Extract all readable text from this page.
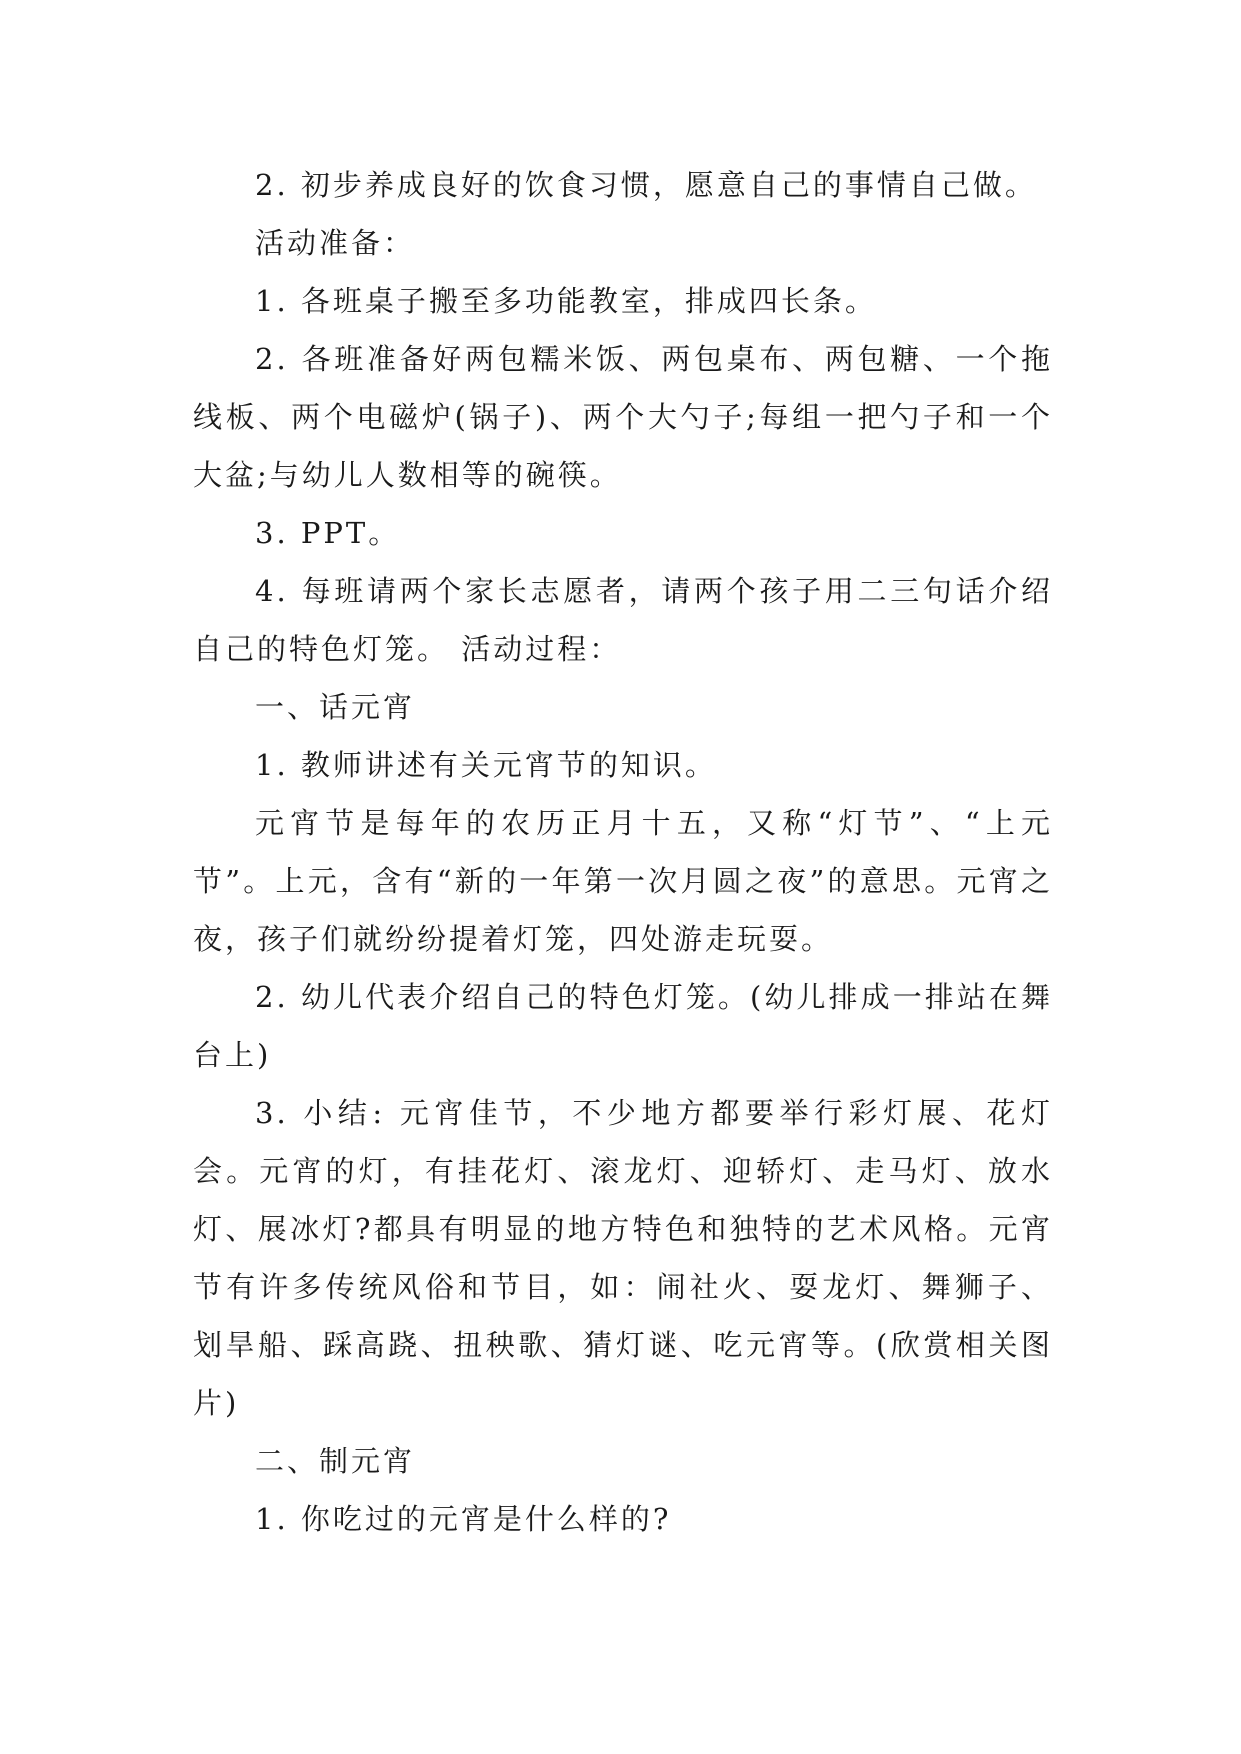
2. 初步养成良好的饮食习惯，愿意自己的事情自己做。

活动准备：

1. 各班桌子搬至多功能教室，排成四长条。

2. 各班准备好两包糯米饭、两包桌布、两包糖、一个拖线板、两个电磁炉(锅子)、两个大勺子;每组一把勺子和一个大盆;与幼儿人数相等的碗筷。

3. PPT。

4. 每班请两个家长志愿者，请两个孩子用二三句话介绍自己的特色灯笼。 活动过程：

一、话元宵

1. 教师讲述有关元宵节的知识。

元宵节是每年的农历正月十五，又称“灯节”、“上元节”。上元，含有“新的一年第一次月圆之夜”的意思。元宵之夜，孩子们就纷纷提着灯笼，四处游走玩耍。

2. 幼儿代表介绍自己的特色灯笼。(幼儿排成一排站在舞台上)

3. 小结: 元宵佳节，不少地方都要举行彩灯展、花灯会。元宵的灯，有挂花灯、滚龙灯、迎轿灯、走马灯、放水灯、展冰灯?都具有明显的地方特色和独特的艺术风格。元宵节有许多传统风俗和节目，如：闹社火、耍龙灯、舞狮子、划旱船、踩高跷、扭秧歌、猜灯谜、吃元宵等。(欣赏相关图片)

二、制元宵

1. 你吃过的元宵是什么样的?
